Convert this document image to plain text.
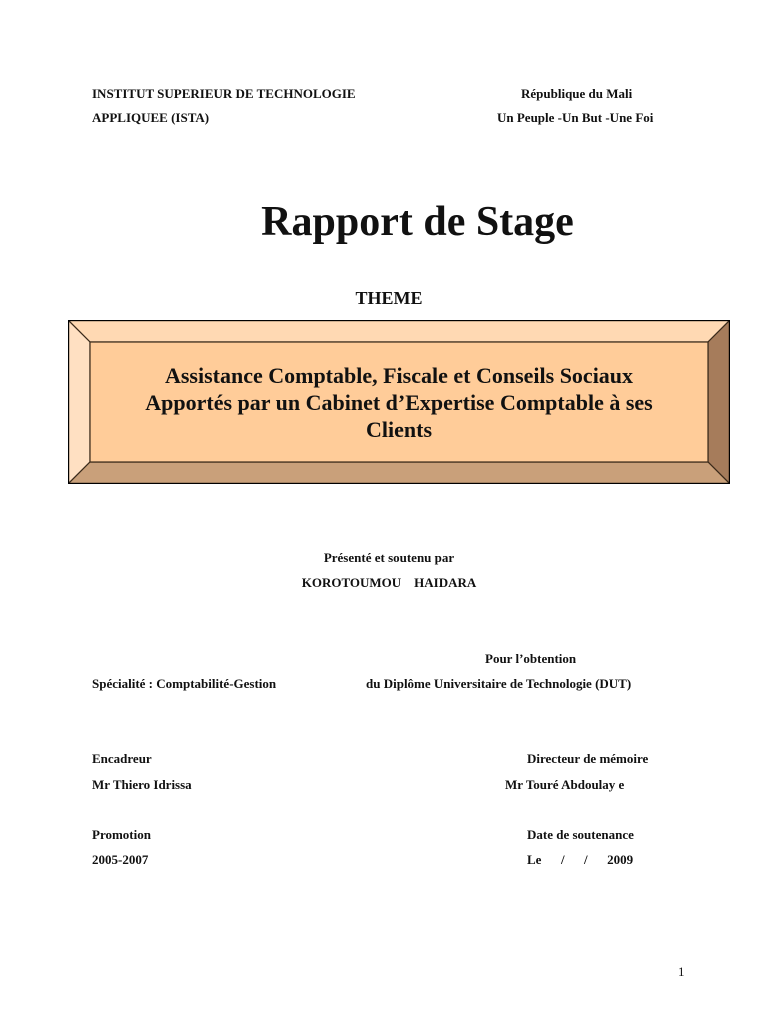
INSTITUT SUPERIEUR DE TECHNOLOGIE
APPLIQUEE (ISTA)
République du Mali
Un Peuple -Un But -Une Foi
Rapport de Stage
THEME
Assistance Comptable, Fiscale et Conseils Sociaux
Apportés par un Cabinet d’Expertise Comptable à ses
Clients
Présenté et soutenu par
KOROTOUMOU    HAIDARA
Pour l’obtention
Spécialité : Comptabilité-Gestion	du Diplôme Universitaire de Technologie (DUT)
Encadreur
Mr Thiero Idrissa
Directeur de mémoire
Mr Touré Abdoulay e
Promotion
2005-2007
Date de soutenance
Le      /      /      2009
1
